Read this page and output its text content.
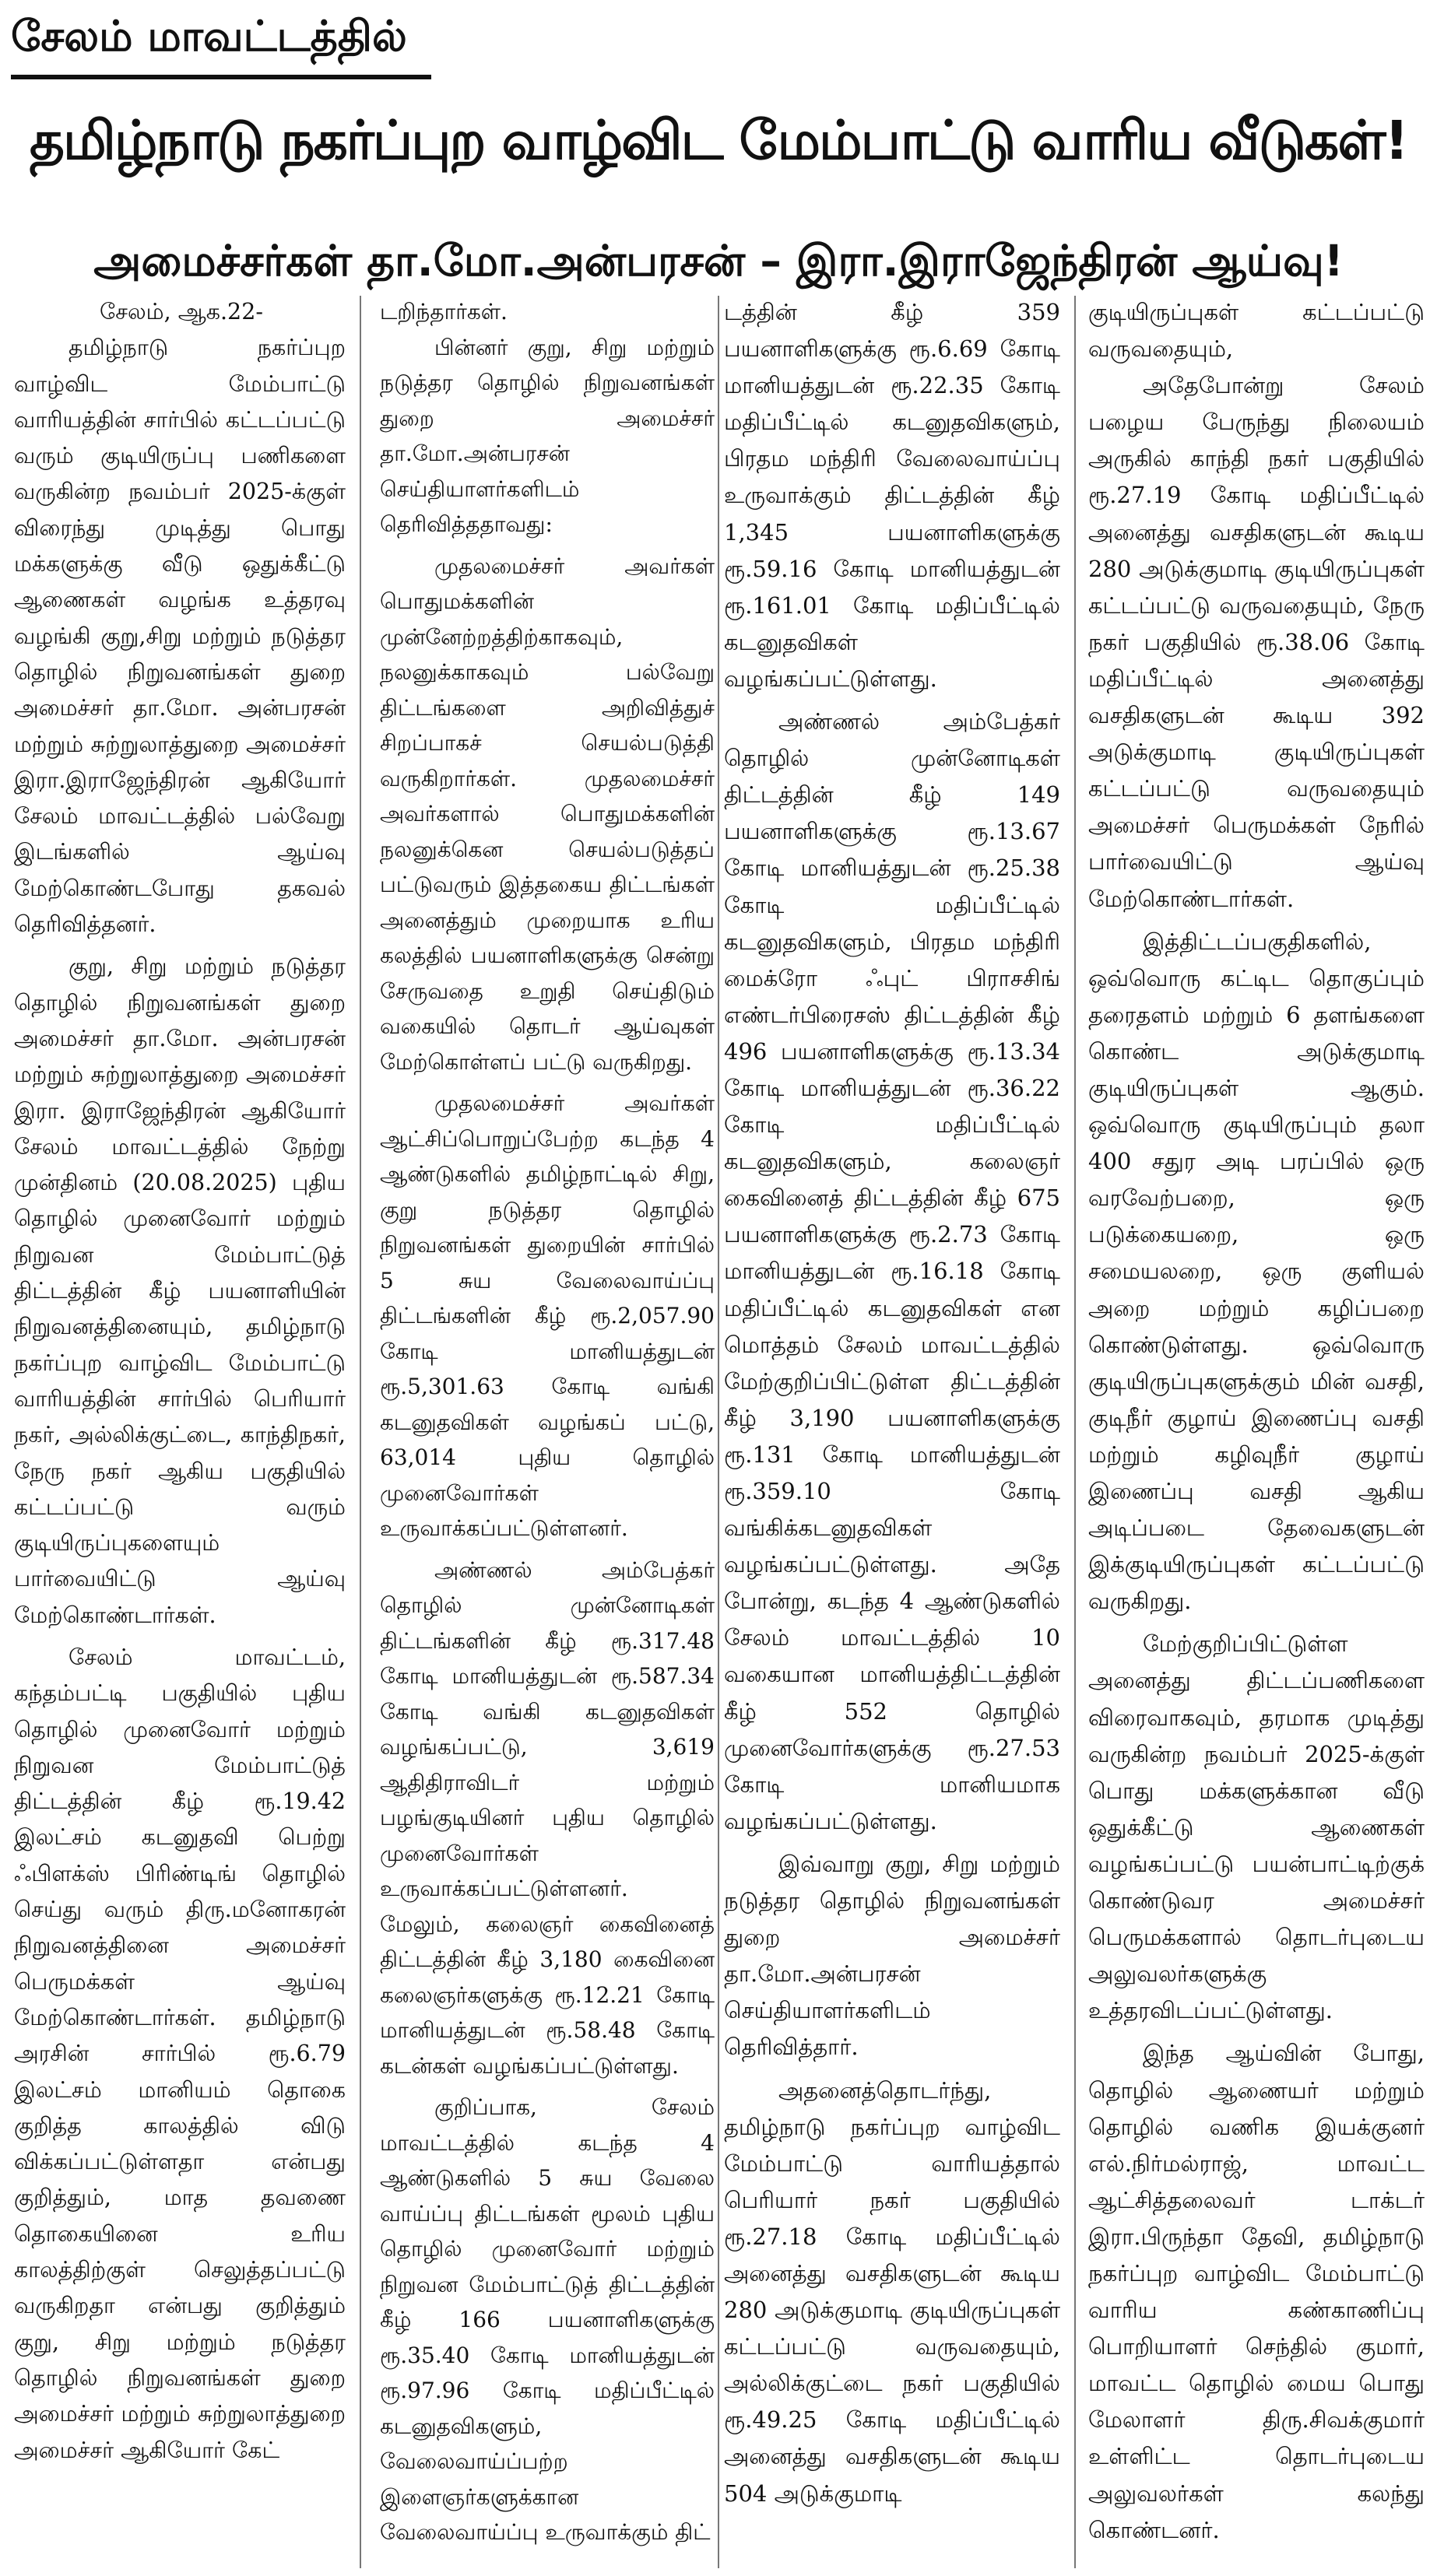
சேலம் மாவட்டத்தில்
தமிழ்நாடு நகர்ப்புற வாழ்விட மேம்பாட்டு வாரிய வீடுகள்!
அமைச்சர்கள் தா.மோ.அன்பரசன் – இரா.இராஜேந்திரன் ஆய்வு!

சேலம், ஆக.22-

தமிழ்நாடு நகர்ப்புற வாழ்விட மேம்பாட்டு வாரியத்தின் சார்பில் கட்டப்பட்டு வரும் குடியிருப்பு பணிகளை வருகின்ற நவம்பர் 2025-க்குள் விரைந்து முடித்து பொது மக்களுக்கு வீடு ஒதுக்கீட்டு ஆணைகள் வழங்க உத்தரவு வழங்கி குறு,சிறு மற்றும் நடுத்தர தொழில் நிறுவனங்கள் துறை அமைச்சர் தா.மோ. அன்பரசன் மற்றும் சுற்றுலாத்துறை அமைச்சர் இரா.இராஜேந்திரன் ஆகியோர் சேலம் மாவட்டத்தில் பல்வேறு இடங்களில் ஆய்வு மேற்கொண்டபோது தகவல் தெரிவித்தனர்.

குறு, சிறு மற்றும் நடுத்தர தொழில் நிறுவனங்கள் துறை அமைச்சர் தா.மோ. அன்பரசன் மற்றும் சுற்றுலாத்துறை அமைச்சர் இரா. இராஜேந்திரன் ஆகியோர் சேலம் மாவட்டத்தில் நேற்று முன்தினம் (20.08.2025) புதிய தொழில் முனைவோர் மற்றும் நிறுவன மேம்பாட்டுத் திட்டத்தின் கீழ் பயனாளியின் நிறுவனத்தினையும், தமிழ்நாடு நகர்ப்புற வாழ்விட மேம்பாட்டு வாரியத்தின் சார்பில் பெரியார் நகர், அல்லிக்குட்டை, காந்திநகர், நேரு நகர் ஆகிய பகுதியில் கட்டப்பட்டு வரும் குடியிருப்புகளையும் பார்வையிட்டு ஆய்வு மேற்கொண்டார்கள்.

சேலம் மாவட்டம், கந்தம்பட்டி பகுதியில் புதிய தொழில் முனைவோர் மற்றும் நிறுவன மேம்பாட்டுத் திட்டத்தின் கீழ் ரூ.19.42 இலட்சம் கடனுதவி பெற்று ஃபிளக்ஸ் பிரிண்டிங் தொழில் செய்து வரும் திரு.மனோகரன் நிறுவனத்தினை அமைச்சர் பெருமக்கள் ஆய்வு மேற்கொண்டார்கள். தமிழ்நாடு அரசின் சார்பில் ரூ.6.79 இலட்சம் மானியம் தொகை குறித்த காலத்தில் விடு விக்கப்பட்டுள்ளதா என்பது குறித்தும், மாத தவணை தொகையினை உரிய காலத்திற்குள் செலுத்தப்பட்டு வருகிறதா என்பது குறித்தும் குறு, சிறு மற்றும் நடுத்தர தொழில் நிறுவனங்கள் துறை அமைச்சர் மற்றும் சுற்றுலாத்துறை அமைச்சர் ஆகியோர் கேட்

டறிந்தார்கள்.

பின்னர் குறு, சிறு மற்றும் நடுத்தர தொழில் நிறுவனங்கள் துறை அமைச்சர் தா.மோ.அன்பரசன் செய்தியாளர்களிடம் தெரிவித்ததாவது:

முதலமைச்சர் அவர்கள் பொதுமக்களின் முன்னேற்றத்திற்காகவும், நலனுக்காகவும் பல்வேறு திட்டங்களை அறிவித்துச் சிறப்பாகச் செயல்படுத்தி வருகிறார்கள். முதலமைச்சர் அவர்களால் பொதுமக்களின் நலனுக்கென செயல்படுத்தப் பட்டுவரும் இத்தகைய திட்டங்கள் அனைத்தும் முறையாக உரிய கலத்தில் பயனாளிகளுக்கு சென்று சேருவதை உறுதி செய்திடும் வகையில் தொடர் ஆய்வுகள் மேற்கொள்ளப் பட்டு வருகிறது.

முதலமைச்சர் அவர்கள் ஆட்சிப்பொறுப்பேற்ற கடந்த 4 ஆண்டுகளில் தமிழ்நாட்டில் சிறு, குறு நடுத்தர தொழில் நிறுவனங்கள் துறையின் சார்பில் 5 சுய வேலைவாய்ப்பு திட்டங்களின் கீழ் ரூ.2,057.90 கோடி மானியத்துடன் ரூ.5,301.63 கோடி வங்கி கடனுதவிகள் வழங்கப் பட்டு, 63,014 புதிய தொழில் முனைவோர்கள் உருவாக்கப்பட்டுள்ளனர்.

அண்ணல் அம்பேத்கர் தொழில் முன்னோடிகள் திட்டங்களின் கீழ் ரூ.317.48 கோடி மானியத்துடன் ரூ.587.34 கோடி வங்கி கடனுதவிகள் வழங்கப்பட்டு, 3,619 ஆதிதிராவிடர் மற்றும் பழங்குடியினர் புதிய தொழில் முனைவோர்கள் உருவாக்கப்பட்டுள்ளனர். மேலும், கலைஞர் கைவினைத் திட்டத்தின் கீழ் 3,180 கைவினை கலைஞர்களுக்கு ரூ.12.21 கோடி மானியத்துடன் ரூ.58.48 கோடி கடன்கள் வழங்கப்பட்டுள்ளது.

குறிப்பாக, சேலம் மாவட்டத்தில் கடந்த 4 ஆண்டுகளில் 5 சுய வேலை வாய்ப்பு திட்டங்கள் மூலம் புதிய தொழில் முனைவோர் மற்றும் நிறுவன மேம்பாட்டுத் திட்டத்தின் கீழ் 166 பயனாளிகளுக்கு ரூ.35.40 கோடி மானியத்துடன் ரூ.97.96 கோடி மதிப்பீட்டில் கடனுதவிகளும், வேலைவாய்ப்பற்ற இளைஞர்களுக்கான வேலைவாய்ப்பு உருவாக்கும் திட்

டத்தின் கீழ் 359 பயனாளிகளுக்கு ரூ.6.69 கோடி மானியத்துடன் ரூ.22.35 கோடி மதிப்பீட்டில் கடனுதவிகளும், பிரதம மந்திரி வேலைவாய்ப்பு உருவாக்கும் திட்டத்தின் கீழ் 1,345 பயனாளிகளுக்கு ரூ.59.16 கோடி மானியத்துடன் ரூ.161.01 கோடி மதிப்பீட்டில் கடனுதவிகள் வழங்கப்பட்டுள்ளது.

அண்ணல் அம்பேத்கர் தொழில் முன்னோடிகள் திட்டத்தின் கீழ் 149 பயனாளிகளுக்கு ரூ.13.67 கோடி மானியத்துடன் ரூ.25.38 கோடி மதிப்பீட்டில் கடனுதவிகளும், பிரதம மந்திரி மைக்ரோ ஃபுட் பிராசசிங் எண்டர்பிரைசஸ் திட்டத்தின் கீழ் 496 பயனாளிகளுக்கு ரூ.13.34 கோடி மானியத்துடன் ரூ.36.22 கோடி மதிப்பீட்டில் கடனுதவிகளும், கலைஞர் கைவினைத் திட்டத்தின் கீழ் 675 பயனாளிகளுக்கு ரூ.2.73 கோடி மானியத்துடன் ரூ.16.18 கோடி மதிப்பீட்டில் கடனுதவிகள் என மொத்தம் சேலம் மாவட்டத்தில் மேற்குறிப்பிட்டுள்ள திட்டத்தின் கீழ் 3,190 பயனாளிகளுக்கு ரூ.131 கோடி மானியத்துடன் ரூ.359.10 கோடி வங்கிக்கடனுதவிகள் வழங்கப்பட்டுள்ளது. அதே போன்று, கடந்த 4 ஆண்டுகளில் சேலம் மாவட்டத்தில் 10 வகையான மானியத்திட்டத்தின் கீழ் 552 தொழில் முனைவோர்களுக்கு ரூ.27.53 கோடி மானியமாக வழங்கப்பட்டுள்ளது.

இவ்வாறு குறு, சிறு மற்றும் நடுத்தர தொழில் நிறுவனங்கள் துறை அமைச்சர் தா.மோ.அன்பரசன் செய்தியாளர்களிடம் தெரிவித்தார்.

அதனைத்தொடர்ந்து, தமிழ்நாடு நகர்ப்புற வாழ்விட மேம்பாட்டு வாரியத்தால் பெரியார் நகர் பகுதியில் ரூ.27.18 கோடி மதிப்பீட்டில் அனைத்து வசதிகளுடன் கூடிய 280 அடுக்குமாடி குடியிருப்புகள் கட்டப்பட்டு வருவதையும், அல்லிக்குட்டை நகர் பகுதியில் ரூ.49.25 கோடி மதிப்பீட்டில் அனைத்து வசதிகளுடன் கூடிய 504 அடுக்குமாடி

குடியிருப்புகள் கட்டப்பட்டு வருவதையும்,

அதேபோன்று சேலம் பழைய பேருந்து நிலையம் அருகில் காந்தி நகர் பகுதியில் ரூ.27.19 கோடி மதிப்பீட்டில் அனைத்து வசதிகளுடன் கூடிய 280 அடுக்குமாடி குடியிருப்புகள் கட்டப்பட்டு வருவதையும், நேரு நகர் பகுதியில் ரூ.38.06 கோடி மதிப்பீட்டில் அனைத்து வசதிகளுடன் கூடிய 392 அடுக்குமாடி குடியிருப்புகள் கட்டப்பட்டு வருவதையும் அமைச்சர் பெருமக்கள் நேரில் பார்வையிட்டு ஆய்வு மேற்கொண்டார்கள்.

இத்திட்டப்பகுதிகளில், ஒவ்வொரு கட்டிட தொகுப்பும் தரைதளம் மற்றும் 6 தளங்களை கொண்ட அடுக்குமாடி குடியிருப்புகள் ஆகும். ஒவ்வொரு குடியிருப்பும் தலா 400 சதுர அடி பரப்பில் ஒரு வரவேற்பறை, ஒரு படுக்கையறை, ஒரு சமையலறை, ஒரு குளியல் அறை மற்றும் கழிப்பறை கொண்டுள்ளது. ஒவ்வொரு குடியிருப்புகளுக்கும் மின் வசதி, குடிநீர் குழாய் இணைப்பு வசதி மற்றும் கழிவுநீர் குழாய் இணைப்பு வசதி ஆகிய அடிப்படை தேவைகளுடன் இக்குடியிருப்புகள் கட்டப்பட்டு வருகிறது.

மேற்குறிப்பிட்டுள்ள அனைத்து திட்டப்பணிகளை விரைவாகவும், தரமாக முடித்து வருகின்ற நவம்பர் 2025-க்குள் பொது மக்களுக்கான வீடு ஒதுக்கீட்டு ஆணைகள் வழங்கப்பட்டு பயன்பாட்டிற்குக் கொண்டுவர அமைச்சர் பெருமக்களால் தொடர்புடைய அலுவலர்களுக்கு உத்தரவிடப்பட்டுள்ளது.

இந்த ஆய்வின் போது, தொழில் ஆணையர் மற்றும் தொழில் வணிக இயக்குனர் எல்.நிர்மல்ராஜ், மாவட்ட ஆட்சித்தலைவர் டாக்டர் இரா.பிருந்தா தேவி, தமிழ்நாடு நகர்ப்புற வாழ்விட மேம்பாட்டு வாரிய கண்காணிப்பு பொறியாளர் செந்தில் குமார், மாவட்ட தொழில் மைய பொது மேலாளர் திரு.சிவக்குமார் உள்ளிட்ட தொடர்புடைய அலுவலர்கள் கலந்து கொண்டனர்.
